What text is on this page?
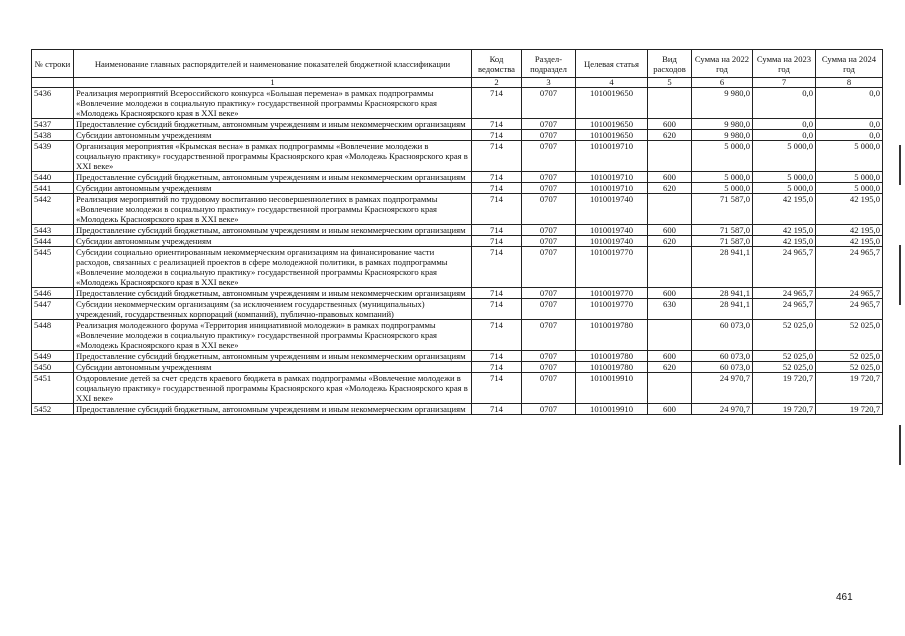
№ строки	Наименование главных распорядителей и наименование показателей бюджетной классификации	Код ведомства	Раздел-подраздел	Целевая статья	Вид расходов	Сумма на 2022 год	Сумма на 2023 год	Сумма на 2024 год
	1	2	3	4	5	6	7	8
5436	Реализация мероприятий Всероссийского конкурса «Большая перемена» в рамках подпрограммы «Вовлечение молодежи в социальную практику» государственной программы Красноярского края «Молодежь Красноярского края в XXI веке»	714	0707	1010019650		9 980,0	0,0	0,0
5437	Предоставление субсидий бюджетным, автономным учреждениям и иным некоммерческим организациям	714	0707	1010019650	600	9 980,0	0,0	0,0
5438	Субсидии автономным учреждениям	714	0707	1010019650	620	9 980,0	0,0	0,0
5439	Организация мероприятия «Крымская весна» в рамках подпрограммы «Вовлечение молодежи в социальную практику» государственной программы Красноярского края «Молодежь Красноярского края в XXI веке»	714	0707	1010019710		5 000,0	5 000,0	5 000,0
5440	Предоставление субсидий бюджетным, автономным учреждениям и иным некоммерческим организациям	714	0707	1010019710	600	5 000,0	5 000,0	5 000,0
5441	Субсидии автономным учреждениям	714	0707	1010019710	620	5 000,0	5 000,0	5 000,0
5442	Реализация мероприятий по трудовому воспитанию несовершеннолетних в рамках подпрограммы «Вовлечение молодежи в социальную практику» государственной программы Красноярского края «Молодежь Красноярского края в XXI веке»	714	0707	1010019740		71 587,0	42 195,0	42 195,0
5443	Предоставление субсидий бюджетным, автономным учреждениям и иным некоммерческим организациям	714	0707	1010019740	600	71 587,0	42 195,0	42 195,0
5444	Субсидии автономным учреждениям	714	0707	1010019740	620	71 587,0	42 195,0	42 195,0
5445	Субсидии социально ориентированным некоммерческим организациям на финансирование части расходов, связанных с реализацией проектов в сфере молодежной политики, в рамках подпрограммы «Вовлечение молодежи в социальную практику» государственной программы Красноярского края «Молодежь Красноярского края в XXI веке»	714	0707	1010019770		28 941,1	24 965,7	24 965,7
5446	Предоставление субсидий бюджетным, автономным учреждениям и иным некоммерческим организациям	714	0707	1010019770	600	28 941,1	24 965,7	24 965,7
5447	Субсидии некоммерческим организациям (за исключением государственных (муниципальных) учреждений, государственных корпораций (компаний), публично-правовых компаний)	714	0707	1010019770	630	28 941,1	24 965,7	24 965,7
5448	Реализация молодежного форума «Территория инициативной молодежи» в рамках подпрограммы «Вовлечение молодежи в социальную практику» государственной программы Красноярского края «Молодежь Красноярского края в XXI веке»	714	0707	1010019780		60 073,0	52 025,0	52 025,0
5449	Предоставление субсидий бюджетным, автономным учреждениям и иным некоммерческим организациям	714	0707	1010019780	600	60 073,0	52 025,0	52 025,0
5450	Субсидии автономным учреждениям	714	0707	1010019780	620	60 073,0	52 025,0	52 025,0
5451	Оздоровление детей за счет средств краевого бюджета в рамках подпрограммы «Вовлечение молодежи в социальную практику» государственной программы Красноярского края «Молодежь Красноярского края в XXI веке»	714	0707	1010019910		24 970,7	19 720,7	19 720,7
5452	Предоставление субсидий бюджетным, автономным учреждениям и иным некоммерческим организациям	714	0707	1010019910	600	24 970,7	19 720,7	19 720,7
461
